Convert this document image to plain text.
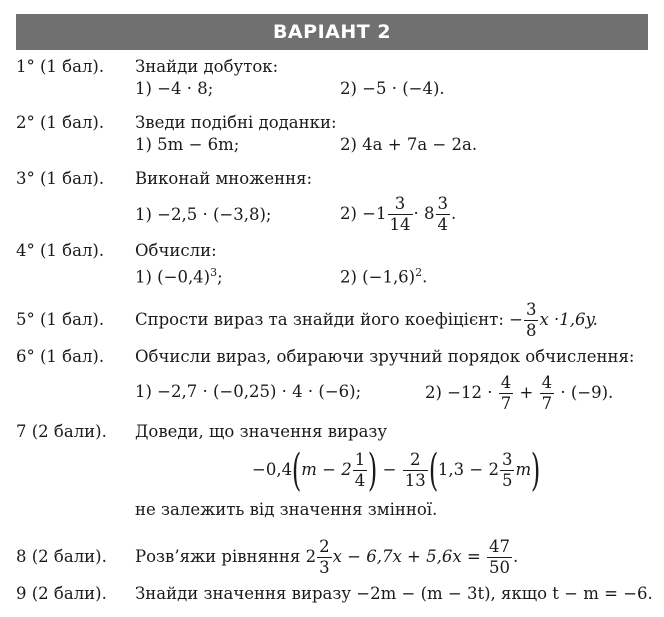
ВАРІАНТ 2
1° (1 бал). Знайди добуток:
1) −4 · 8;	2) −5 · (−4).
2° (1 бал). Зведи подібні доданки:
1) 5m − 6m;	2) 4a + 7a − 2a.
3° (1 бал). Виконай множення:
1) −2,5 · (−3,8);	$2) -1 \frac{3}{14} \cdot 8 \frac{3}{4}$ .
4° (1 бал). Обчисли:
1) $(-0,4)^3$;	2) $(-1,6)^2$.
5° (1 бал). Спрости вираз та знайди його коефіцієнт: − $\frac{3}{8}$ x ·1,6y.
6° (1 бал). Обчисли вираз, обираючи зручний порядок обчислення:
1) −2,7 · (−0,25) · 4 · (−6);	$2) -12 \cdot \frac{4}{7} + \frac{4}{7} \cdot (-9)$.
7 (2 бали). Доведи, що значення виразу
$-0,4(m - 2 \frac{1}{4}$ ) − $\frac{2}{13} (1,3 - 2 \frac{3}{5} m)$
не залежить від значення змінної.
8 (2 бали). Розв’яжи рівняння $2 \frac{2}{3}$ $x - 6,7x + 5,6x = \frac{47}{50}$ .
9 (2 бали). Знайди значення виразу −2m − (m − 3t), якщо t − m = −6.
